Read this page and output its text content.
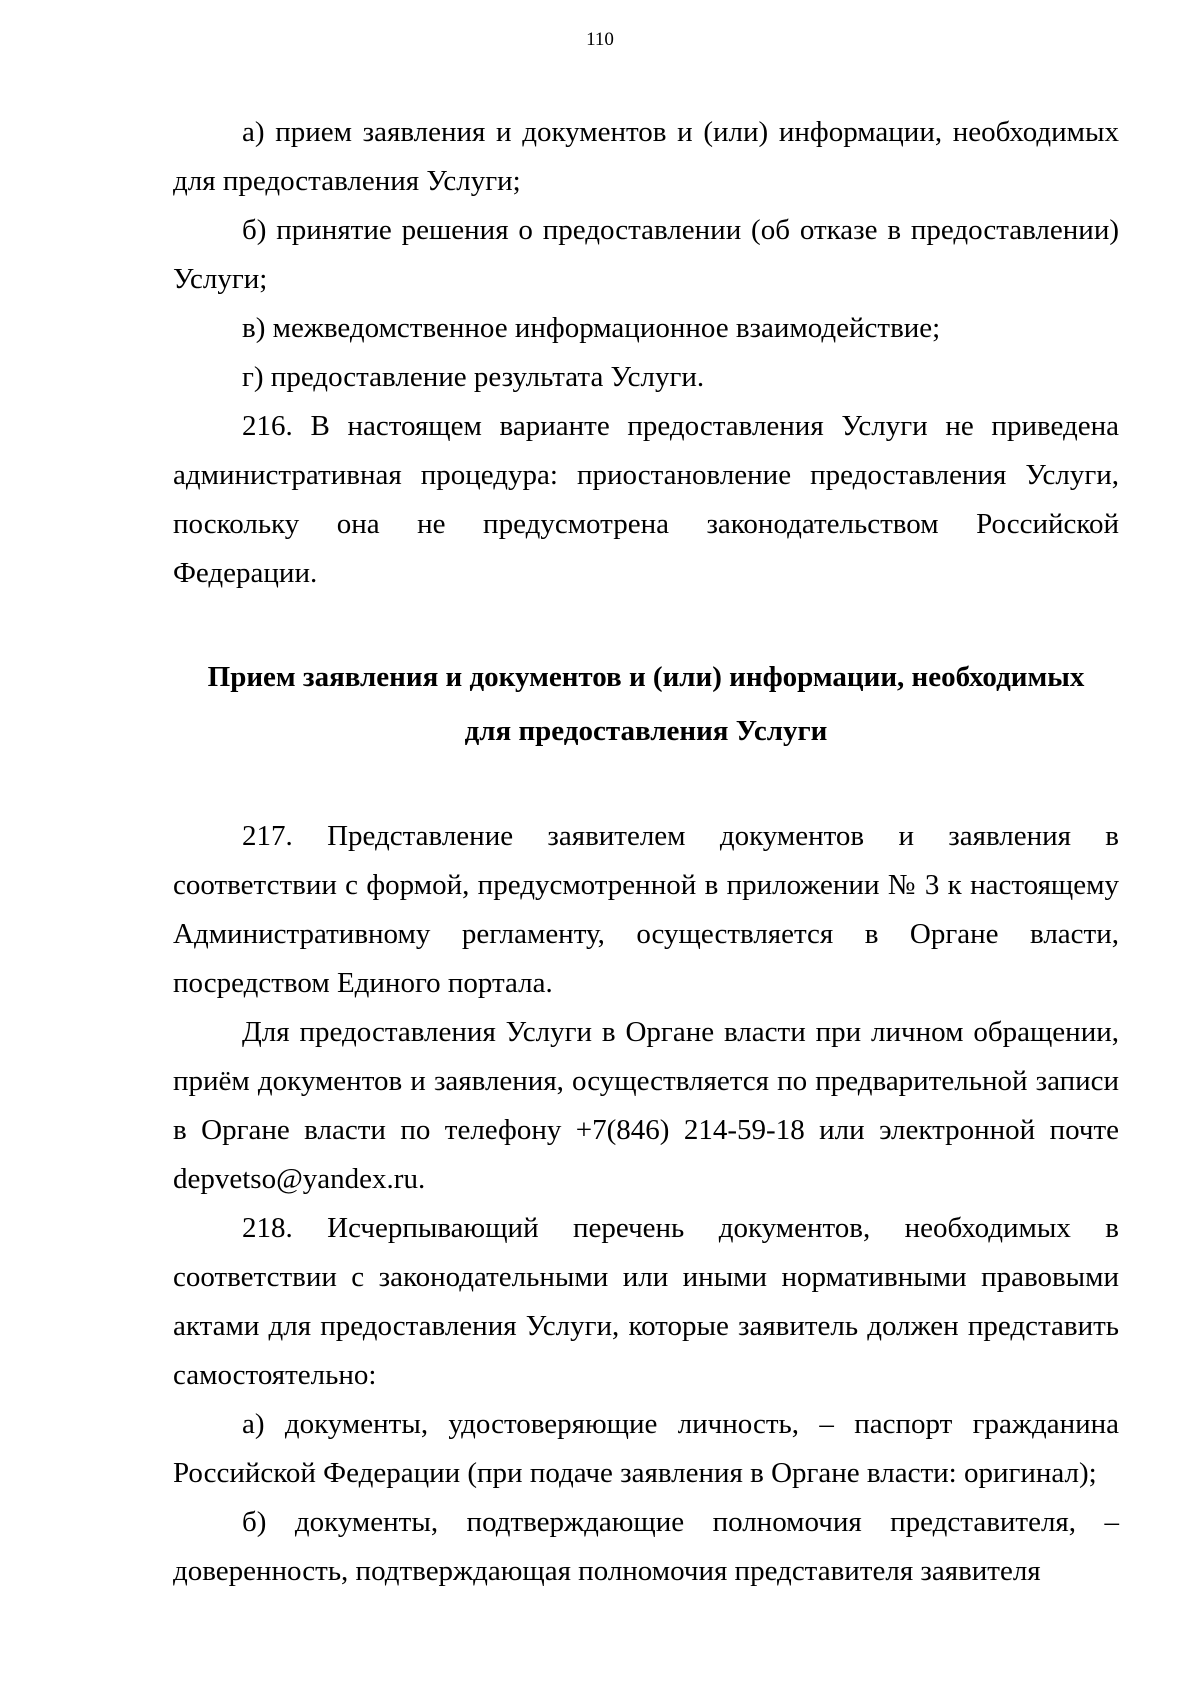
110

а) прием заявления и документов и (или) информации, необходимых для предоставления Услуги;

б) принятие решения о предоставлении (об отказе в предоставлении) Услуги;

в) межведомственное информационное взаимодействие;

г) предоставление результата Услуги.

216. В настоящем варианте предоставления Услуги не приведена административная процедура: приостановление предоставления Услуги, поскольку она не предусмотрена законодательством Российской Федерации.

Прием заявления и документов и (или) информации, необходимых
для предоставления Услуги

217. Представление заявителем документов и заявления в соответствии с формой, предусмотренной в приложении № 3 к настоящему Административному регламенту, осуществляется в Органе власти, посредством Единого портала.

Для предоставления Услуги в Органе власти при личном обращении, приём документов и заявления, осуществляется по предварительной записи в Органе власти по телефону +7(846) 214-59-18 или электронной почте depvetso@yandex.ru.

218. Исчерпывающий перечень документов, необходимых в соответствии с законодательными или иными нормативными правовыми актами для предоставления Услуги, которые заявитель должен представить самостоятельно:

а) документы, удостоверяющие личность, – паспорт гражданина Российской Федерации (при подаче заявления в Органе власти: оригинал);

б) документы, подтверждающие полномочия представителя, – доверенность, подтверждающая полномочия представителя заявителя
